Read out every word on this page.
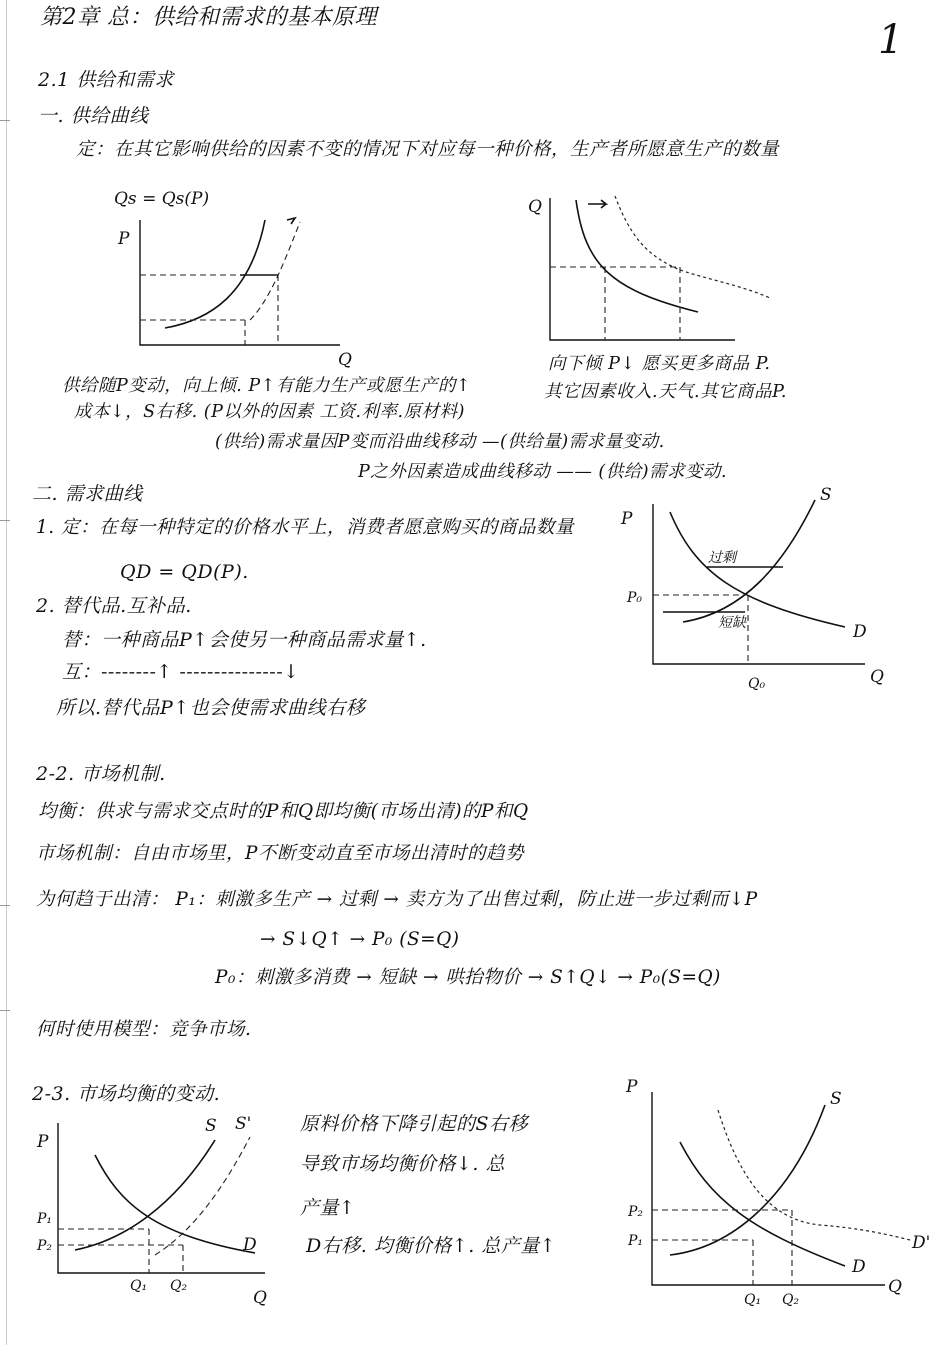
第2章 总：供给和需求的基本原理	1
2.1 供给和需求
一. 供给曲线
定：在其它影响供给的因素不变的情况下对应每一种价格，生产者所愿意生产的数量
Qs = Qs(P)
P
Q
Q
供给随P变动，向上倾. P↑有能力生产或愿生产的↑
成本↓，S右移. (P以外的因素 工资.利率.原材料)
向下倾 P↓ 愿买更多商品 P.
其它因素收入.天气.其它商品P.
(供给)需求量因P变而沿曲线移动 —(供给量)需求量变动.
P之外因素造成曲线移动 —— (供给)需求变动.
二. 需求曲线
1. 定：在每一种特定的价格水平上，消费者愿意购买的商品数量
QD = QD(P).
2. 替代品.互补品.
替：一种商品P↑会使另一种商品需求量↑.
互：--------↑ ---------------↓
所以.替代品P↑也会使需求曲线右移
P
S
D
P₀
Q₀	Q
过剩
短缺
2-2. 市场机制.
均衡：供求与需求交点时的P和Q即均衡(市场出清)的P和Q
市场机制：自由市场里，P不断变动直至市场出清时的趋势
为何趋于出清： P₁：刺激多生产 → 过剩 → 卖方为了出售过剩，防止进一步过剩而↓P
→ S↓Q↑ → P₀ (S=Q)
P₀：刺激多消费 → 短缺 → 哄抬物价 → S↑Q↓ → P₀(S=Q)
何时使用模型：竞争市场.
2-3. 市场均衡的变动.
P
S S'
D
P₁
P₂
Q₁ Q₂
Q
原料价格下降引起的S右移
导致市场均衡价格↓. 总
产量↑
D右移. 均衡价格↑. 总产量↑
P
S
D'
D
P₂
P₁
Q₁ Q₂
Q
